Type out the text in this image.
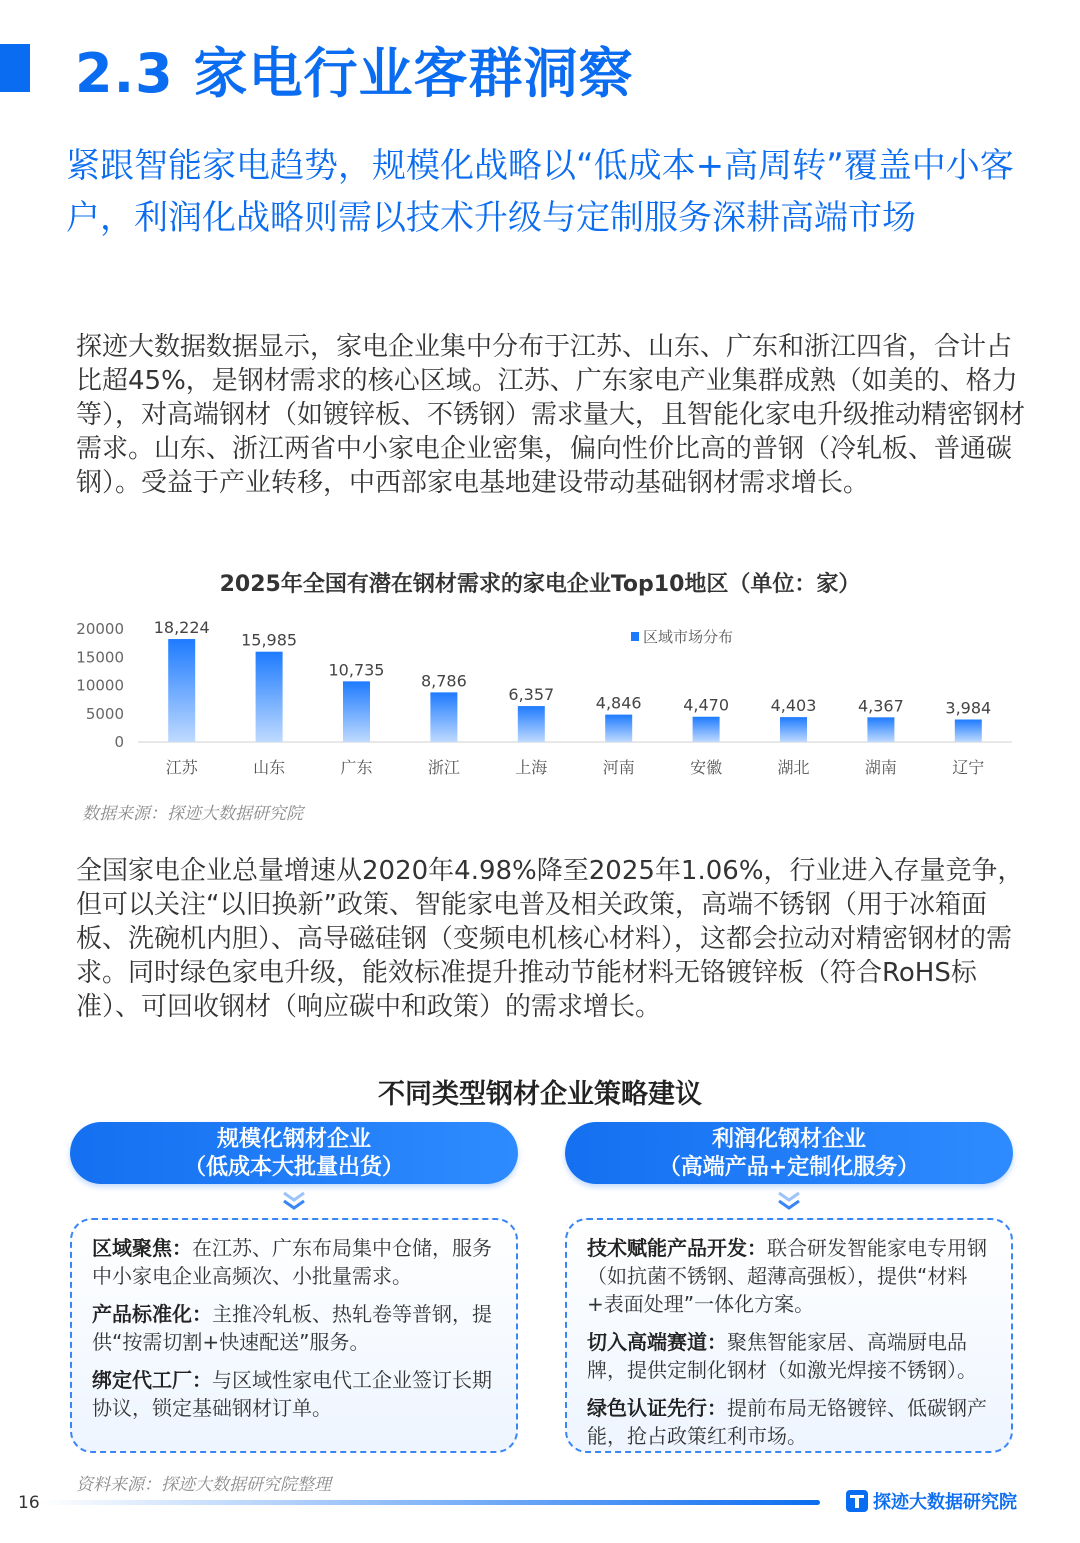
2.3 家电行业客群洞察

紧跟智能家电趋势，规模化战略以“低成本+高周转”覆盖中小客户，利润化战略则需以技术升级与定制服务深耕高端市场

探迹大数据数据显示，家电企业集中分布于江苏、山东、广东和浙江四省，合计占比超45%，是钢材需求的核心区域。江苏、广东家电产业集群成熟（如美的、格力等），对高端钢材（如镀锌板、不锈钢）需求量大，且智能化家电升级推动精密钢材需求。山东、浙江两省中小家电企业密集，偏向性价比高的普钢（冷轧板、普通碳钢）。受益于产业转移，中西部家电基地建设带动基础钢材需求增长。

2025年全国有潜在钢材需求的家电企业Top10地区（单位：家）
区域市场分布
0
5000
10000
15000
20000 18,224
江苏
15,985
山东
10,735
广东
8,786
浙江
6,357
上海
4,846
河南
4,470
安徽
4,403
湖北
4,367
湖南
3,984
辽宁

数据来源：探迹大数据研究院

全国家电企业总量增速从2020年4.98%降至2025年1.06%，行业进入存量竞争，但可以关注“以旧换新”政策、智能家电普及相关政策，高端不锈钢（用于冰箱面板、洗碗机内胆）、高导磁硅钢（变频电机核心材料），这都会拉动对精密钢材的需求。同时绿色家电升级，能效标准提升推动节能材料无铬镀锌板（符合RoHS标准）、可回收钢材（响应碳中和政策）的需求增长。

不同类型钢材企业策略建议
规模化钢材企业
（低成本大批量出货）
利润化钢材企业
（高端产品+定制化服务）

区域聚焦：在江苏、广东布局集中仓储，服务中小家电企业高频次、小批量需求。

产品标准化：主推冷轧板、热轧卷等普钢，提供“按需切割+快速配送”服务。

绑定代工厂：与区域性家电代工企业签订长期协议，锁定基础钢材订单。

技术赋能产品开发：联合研发智能家电专用钢（如抗菌不锈钢、超薄高强板），提供“材料+表面处理”一体化方案。

切入高端赛道：聚焦智能家居、高端厨电品牌，提供定制化钢材（如激光焊接不锈钢）。

绿色认证先行：提前布局无铬镀锌、低碳钢产能，抢占政策红利市场。

资料来源：探迹大数据研究院整理

16	探迹大数据研究院
